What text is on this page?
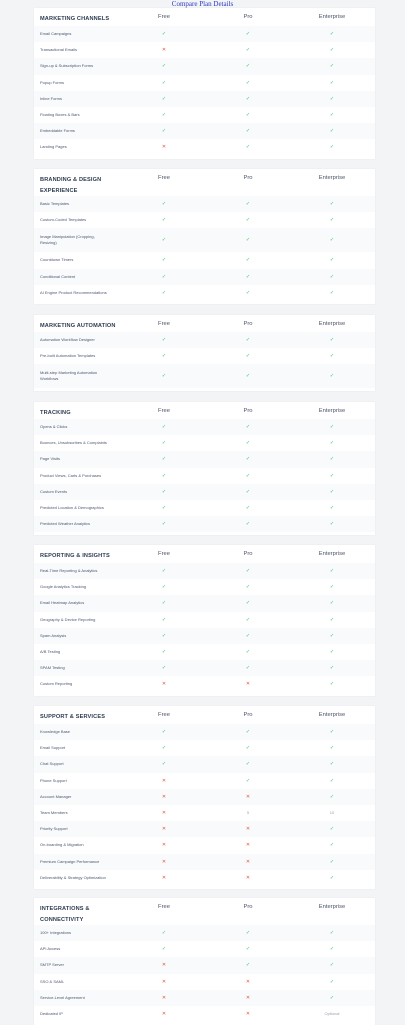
Compare Plan Details
MARKETING CHANNELS	Free	Pro	Enterprise
Email Campaigns	✓	✓	✓
Transactional Emails	✕	✓	✓
Sign-up & Subscription Forms	✓	✓	✓
Popup Forms	✓	✓	✓
Inline Forms	✓	✓	✓
Floating Boxes & Bars	✓	✓	✓
Embeddable Forms	✓	✓	✓
Landing Pages	✕	✓	✓
BRANDING & DESIGN EXPERIENCE
Free	Pro	Enterprise
Basic Templates	✓	✓	✓
Custom-Coded Templates	✓	✓	✓
Image Manipulation (Cropping, Resizing)	✓	✓	✓
Countdown Timers	✓	✓	✓
Conditional Content	✓	✓	✓
AI Engine Product Recommendations	✓	✓	✓
MARKETING AUTOMATION	Free	Pro	Enterprise
Automation Workflow Designer	✓	✓	✓
Pre-built Automation Templates	✓	✓	✓
Multi-step Marketing Automation Workflows	✓	✓	✓
TRACKING	Free	Pro	Enterprise
Opens & Clicks	✓	✓	✓
Bounces, Unsubscribes & Complaints	✓	✓	✓
Page Visits	✓	✓	✓
Product Views, Carts & Purchases	✓	✓	✓
Custom Events	✓	✓	✓
Predicted Location & Demographics	✓	✓	✓
Predicted Weather Analytics	✓	✓	✓
REPORTING & INSIGHTS	Free	Pro	Enterprise
Real-Time Reporting & Analytics	✓	✓	✓
Google Analytics Tracking	✓	✓	✓
Email Heatmap Analytics	✓	✓	✓
Geography & Device Reporting	✓	✓	✓
Spam Analysis	✓	✓	✓
A/B Testing	✓	✓	✓
SPAM Testing	✓	✓	✓
Custom Reporting	✕	✕	✓
SUPPORT & SERVICES	Free	Pro	Enterprise
Knowledge Base	✓	✓	✓
Email Support	✓	✓	✓
Chat Support	✓	✓	✓
Phone Support	✕	✓	✓
Account Manager	✕	✕	✓
Team Members	✕	5	10
Priority Support	✕	✕	✓
On-boarding & Migration	✕	✕	✓
Premium Campaign Performance	✕	✕	✓
Deliverability & Strategy Optimization	✕	✕	✓
INTEGRATIONS & CONNECTIVITY
Free	Pro	Enterprise
100+ Integrations	✓	✓	✓
API Access	✓	✓	✓
SMTP Server	✕	✓	✓
SSO & SAML	✕	✕	✓
Service-Level Agreement	✕	✕	✓
Dedicated IP	✕	✕	Optional
